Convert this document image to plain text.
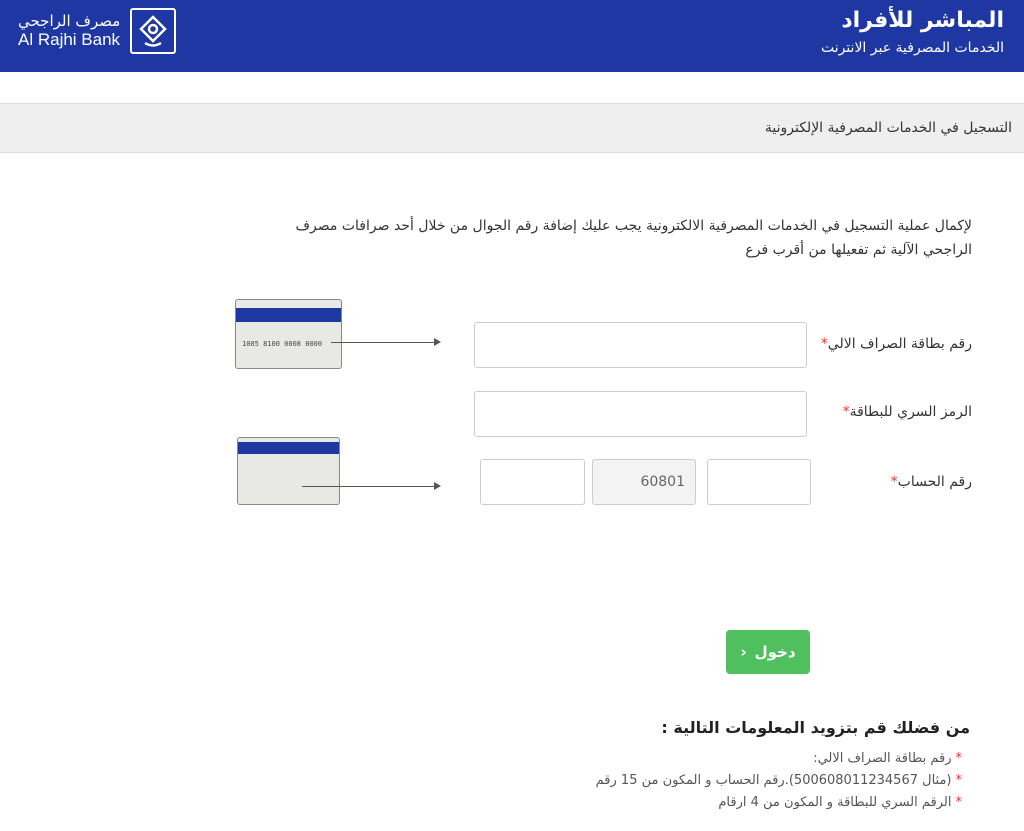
مصرف الراجحي
Al Rajhi Bank
المباشر للأفراد
الخدمات المصرفية عبر الانترنت
التسجيل في الخدمات المصرفية الإلكترونية
لإكمال عملية التسجيل في الخدمات المصرفية الالكترونية يجب عليك إضافة رقم الجوال من خلال أحد صرافات مصرف الراجحي الآلية ثم تفعيلها من أقرب فرع
رقم بطاقة الصراف الالي*
1005 8100 0008 0000
الرمز السري للبطاقة*
رقم الحساب*
60801
دخول
‹
من فضلك قم بتزويد المعلومات التالية :
*رقم بطاقة الصراف الالي:
*(مثال 500608011234567).رقم الحساب و المكون من 15 رقم
*الرقم السري للبطاقة و المكون من 4 ارقام
